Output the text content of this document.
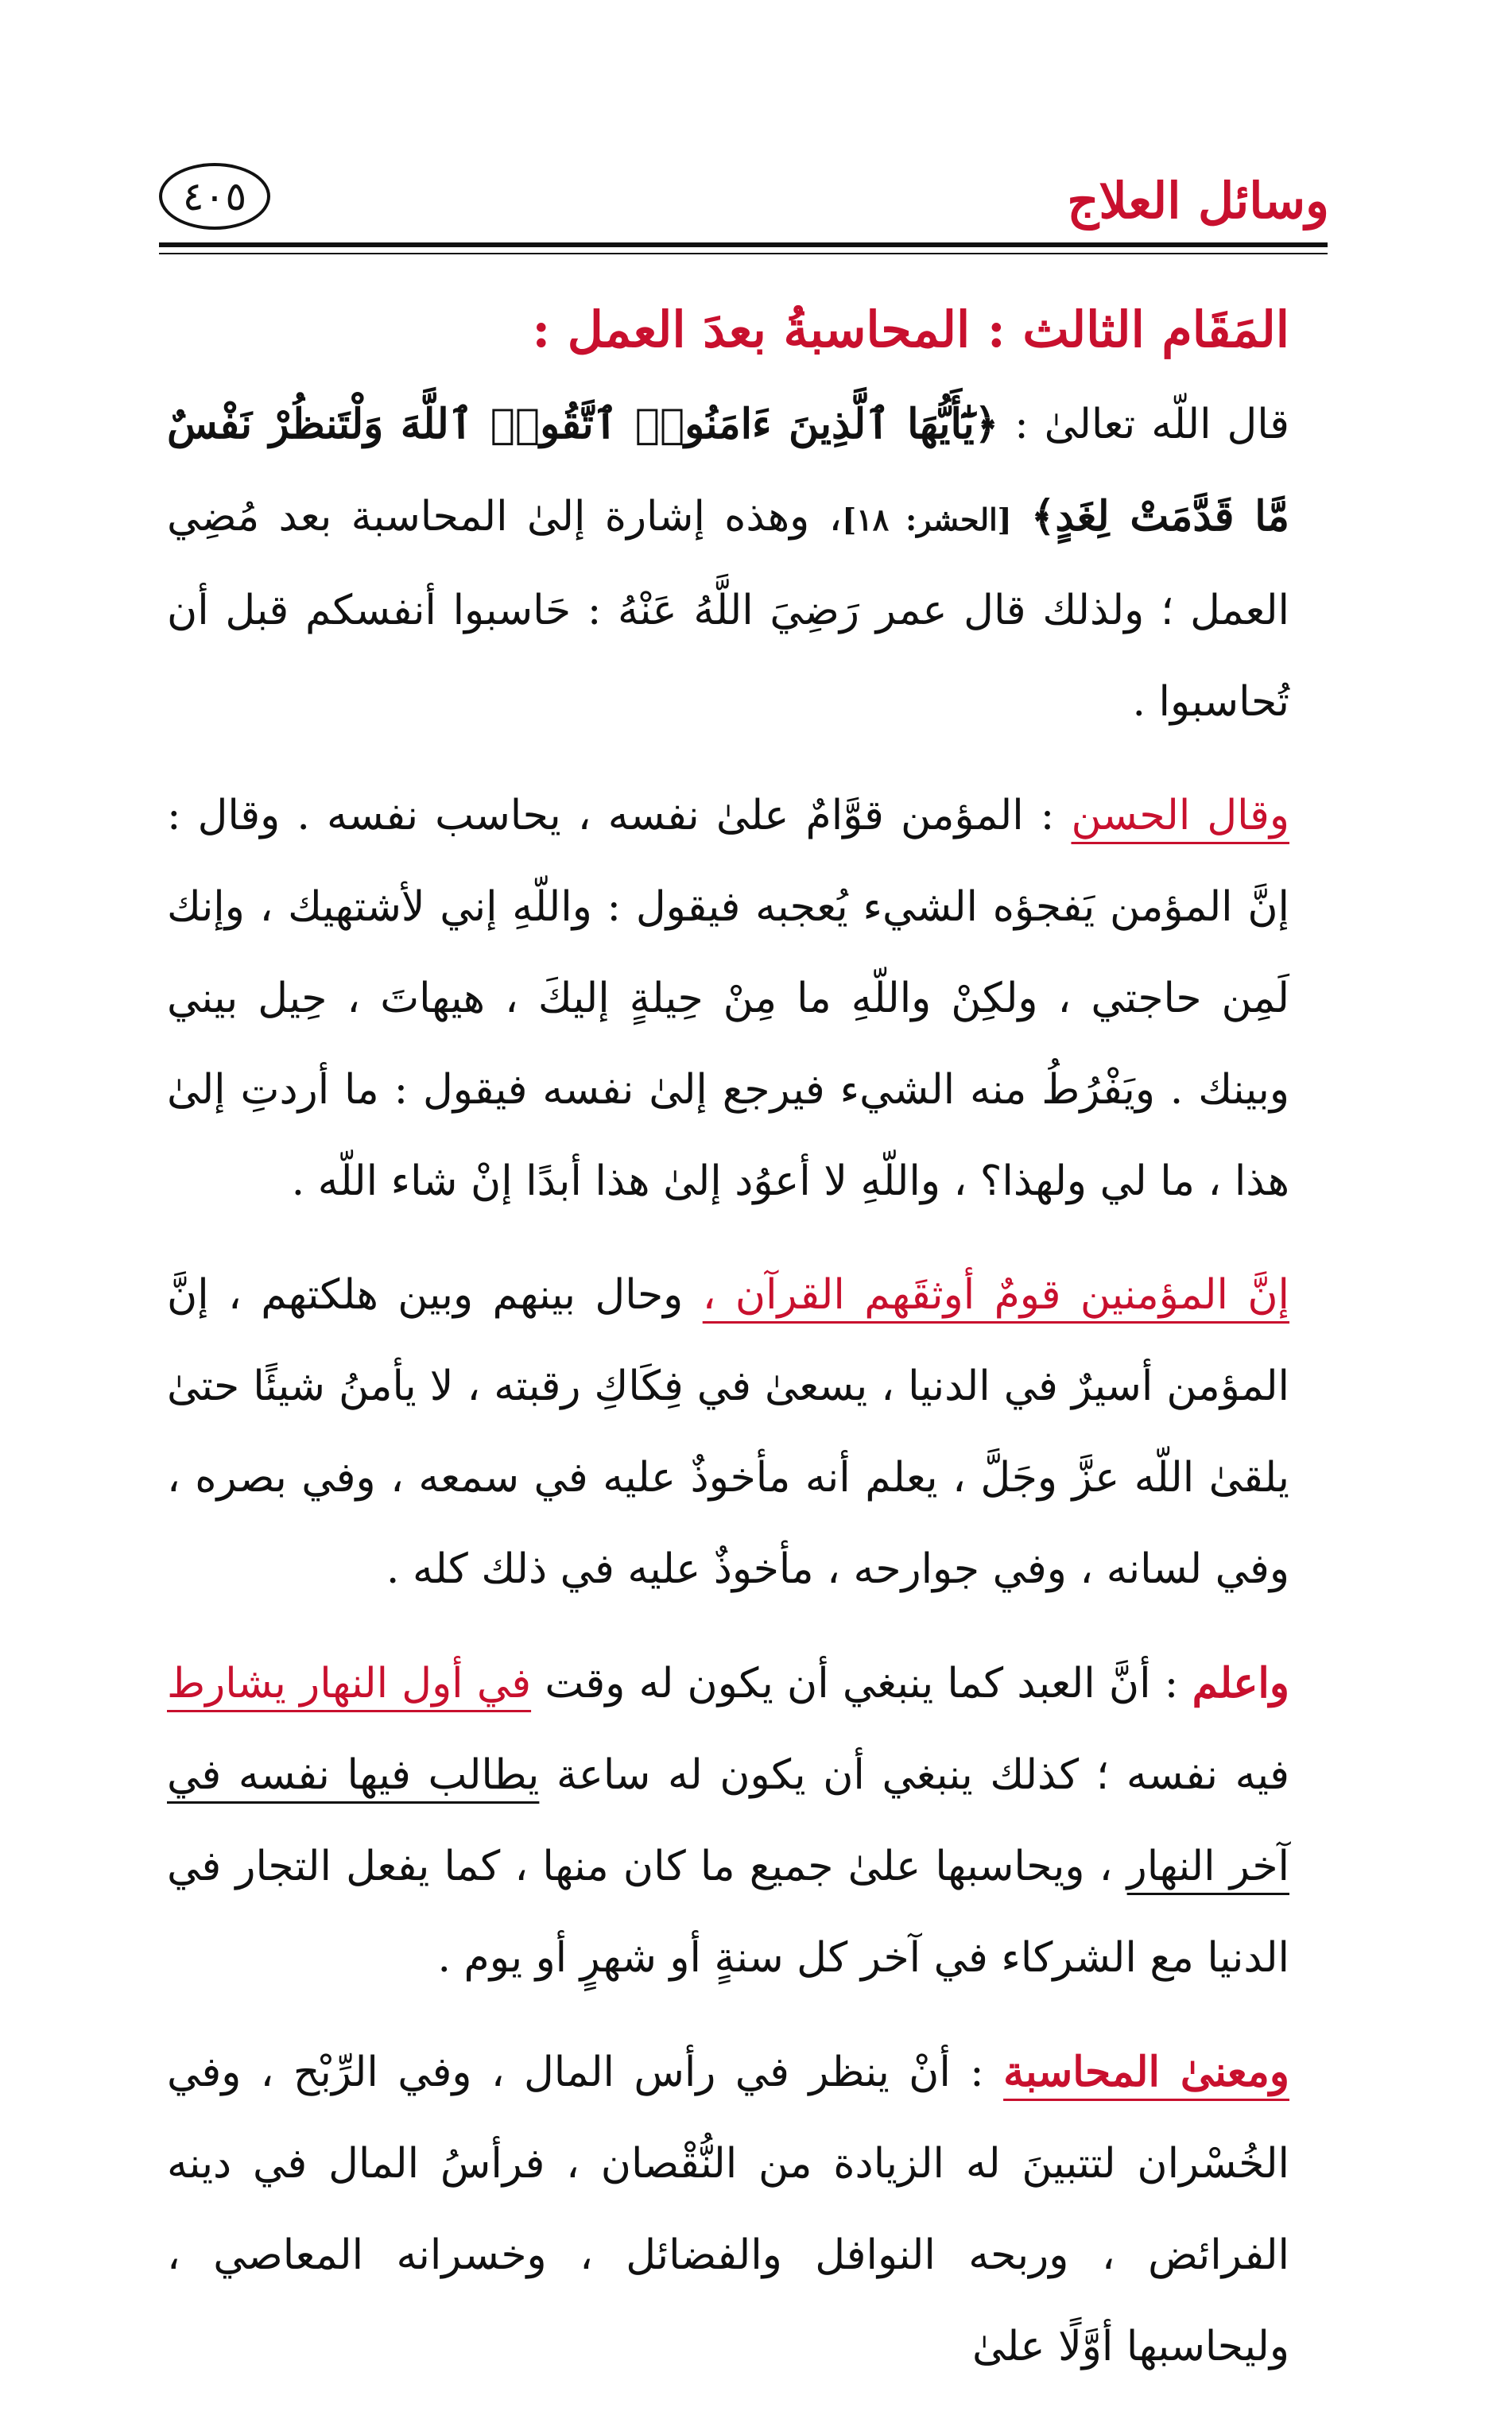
وسائل العلاج
٤٠٥
المَقَام الثالث : المحاسبةُ بعدَ العمل :

قال اللّه تعالىٰ : ﴿يَٰٓأَيُّهَا ٱلَّذِينَ ءَامَنُوا۟ ٱتَّقُوا۟ ٱللَّهَ وَلْتَنظُرْ نَفْسٌ مَّا قَدَّمَتْ لِغَدٍ﴾ [الحشر: ١٨]، وهذه إشارة إلىٰ المحاسبة بعد مُضِي العمل ؛ ولذلك قال عمر رَضِيَ اللَّهُ عَنْهُ : حَاسبوا أنفسكم قبل أن تُحاسبوا .

وقال الحسن : المؤمن قوَّامٌ علىٰ نفسه ، يحاسب نفسه . وقال : إنَّ المؤمن يَفجؤه الشيء يُعجبه فيقول : واللّهِ إني لأشتهيك ، وإنك لَمِن حاجتي ، ولكِنْ واللّهِ ما مِنْ حِيلةٍ إليكَ ، هيهاتَ ، حِيل بيني وبينك . ويَفْرُطُ منه الشيء فيرجع إلىٰ نفسه فيقول : ما أردتِ إلىٰ هذا ، ما لي ولهذا؟ ، واللّهِ لا أعوُد إلىٰ هذا أبدًا إنْ شاء اللّه .

إنَّ المؤمنين قومٌ أوثقَهم القرآن ، وحال بينهم وبين هلكتهم ، إنَّ المؤمن أسيرٌ في الدنيا ، يسعىٰ في فِكَاكِ رقبته ، لا يأمنُ شيئًا حتىٰ يلقىٰ اللّه عزَّ وجَلَّ ، يعلم أنه مأخوذٌ عليه في سمعه ، وفي بصره ، وفي لسانه ، وفي جوارحه ، مأخوذٌ عليه في ذلك كله .

واعلم : أنَّ العبد كما ينبغي أن يكون له وقت في أول النهار يشارط فيه نفسه ؛ كذلك ينبغي أن يكون له ساعة يطالب فيها نفسه في آخر النهار ، ويحاسبها علىٰ جميع ما كان منها ، كما يفعل التجار في الدنيا مع الشركاء في آخر كل سنةٍ أو شهرٍ أو يوم .

ومعنىٰ المحاسبة : أنْ ينظر في رأس المال ، وفي الرِّبْح ، وفي الخُسْران لتتبينَ له الزيادة من النُّقْصان ، فرأسُ المال في دينه الفرائض ، وربحه النوافل والفضائل ، وخسرانه المعاصي ، وليحاسبها أوَّلًا علىٰ
